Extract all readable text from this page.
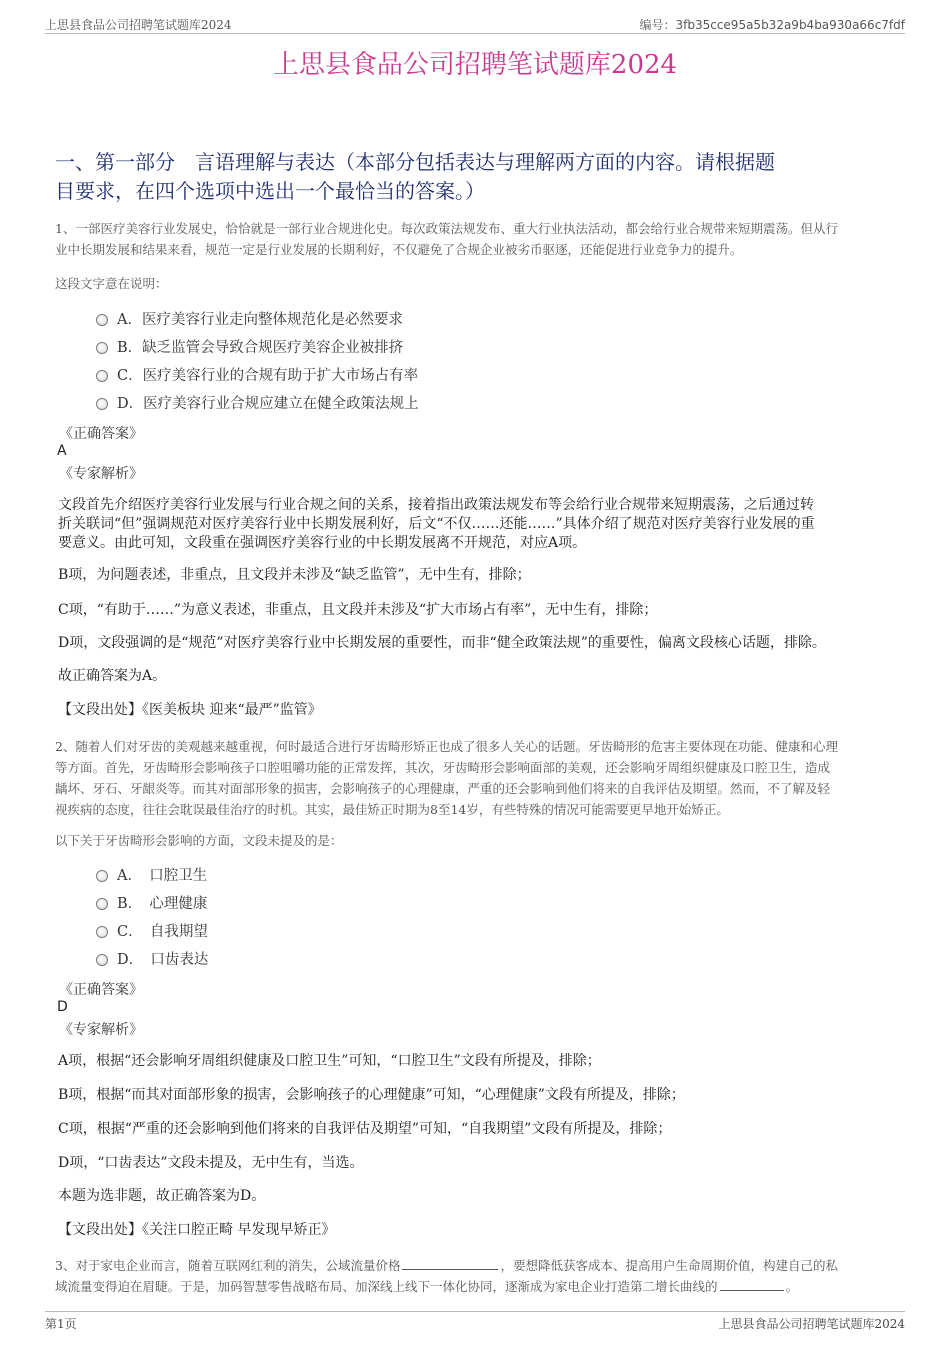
上思县食品公司招聘笔试题库2024	编号：3fb35cce95a5b32a9b4ba930a66c7fdf
上思县食品公司招聘笔试题库2024
一、第一部分　言语理解与表达（本部分包括表达与理解两方面的内容。请根据题
目要求，在四个选项中选出一个最恰当的答案。）
1、一部医疗美容行业发展史，恰恰就是一部行业合规进化史。每次政策法规发布、重大行业执法活动，都会给行业合规带来短期震荡。但从行
业中长期发展和结果来看，规范一定是行业发展的长期利好，不仅避免了合规企业被劣币驱逐，还能促进行业竞争力的提升。
这段文字意在说明：
A．医疗美容行业走向整体规范化是必然要求
B．缺乏监管会导致合规医疗美容企业被排挤
C．医疗美容行业的合规有助于扩大市场占有率
D．医疗美容行业合规应建立在健全政策法规上
《正确答案》
A
《专家解析》
文段首先介绍医疗美容行业发展与行业合规之间的关系，接着指出政策法规发布等会给行业合规带来短期震荡，之后通过转
折关联词“但”强调规范对医疗美容行业中长期发展利好，后文“不仅……还能……”具体介绍了规范对医疗美容行业发展的重
要意义。由此可知，文段重在强调医疗美容行业的中长期发展离不开规范，对应A项。
B项，为问题表述，非重点，且文段并未涉及“缺乏监管”，无中生有，排除；
C项，“有助于……”为意义表述，非重点，且文段并未涉及“扩大市场占有率”，无中生有，排除；
D项，文段强调的是“规范”对医疗美容行业中长期发展的重要性，而非“健全政策法规”的重要性，偏离文段核心话题，排除。
故正确答案为A。
【文段出处】《医美板块 迎来“最严”监管》
2、随着人们对牙齿的美观越来越重视，何时最适合进行牙齿畸形矫正也成了很多人关心的话题。牙齿畸形的危害主要体现在功能、健康和心理
等方面。首先，牙齿畸形会影响孩子口腔咀嚼功能的正常发挥，其次，牙齿畸形会影响面部的美观，还会影响牙周组织健康及口腔卫生，造成
龋坏、牙石、牙龈炎等。而其对面部形象的损害，会影响孩子的心理健康，严重的还会影响到他们将来的自我评估及期望。然而，不了解及轻
视疾病的态度，往往会耽误最佳治疗的时机。其实，最佳矫正时期为8至14岁，有些特殊的情况可能需要更早地开始矫正。
以下关于牙齿畸形会影响的方面，文段未提及的是：
A．　口腔卫生
B．　心理健康
C．　自我期望
D．　口齿表达
《正确答案》
D
《专家解析》
A项，根据“还会影响牙周组织健康及口腔卫生”可知，“口腔卫生”文段有所提及，排除；
B项，根据“而其对面部形象的损害，会影响孩子的心理健康”可知，“心理健康”文段有所提及，排除；
C项，根据“严重的还会影响到他们将来的自我评估及期望”可知，“自我期望”文段有所提及，排除；
D项，“口齿表达”文段未提及，无中生有，当选。
本题为选非题，故正确答案为D。
【文段出处】《关注口腔正畸 早发现早矫正》
3、对于家电企业而言，随着互联网红利的消失，公域流量价格	，要想降低获客成本、提高用户生命周期价值，构建自己的私
域流量变得迫在眉睫。于是，加码智慧零售战略布局、加深线上线下一体化协同，逐渐成为家电企业打造第二增长曲线的	。
第1页	上思县食品公司招聘笔试题库2024
